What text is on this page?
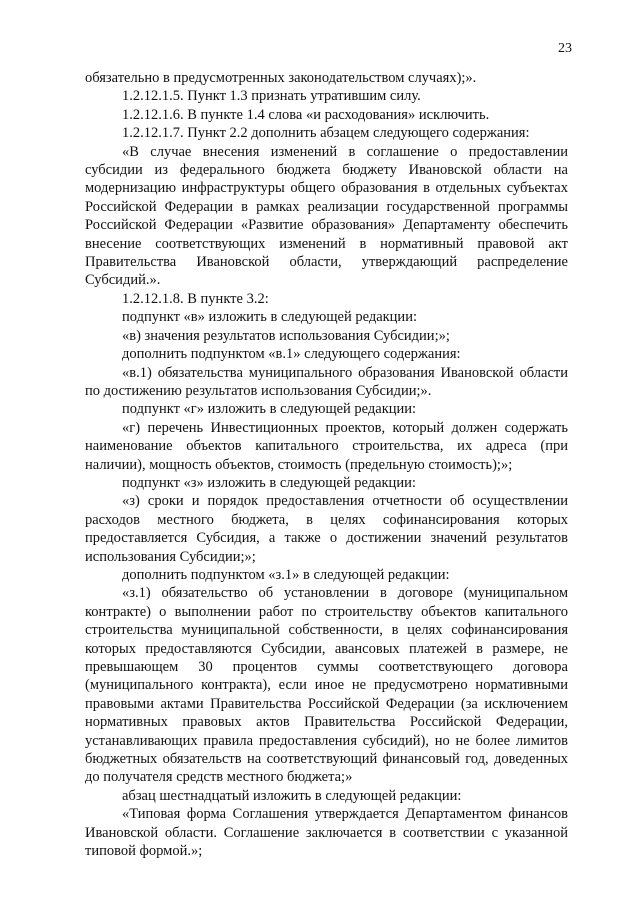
23

обязательно в предусмотренных законодательством случаях);».

1.2.12.1.5. Пункт 1.3 признать утратившим силу.

1.2.12.1.6. В пункте 1.4 слова «и расходования» исключить.

1.2.12.1.7. Пункт 2.2 дополнить абзацем следующего содержания:

«В случае внесения изменений в соглашение о предоставлении субсидии из федерального бюджета бюджету Ивановской области на модернизацию инфраструктуры общего образования в отдельных субъектах Российской Федерации в рамках реализации государственной программы Российской Федерации «Развитие образования» Департаменту обеспечить внесение соответствующих изменений в нормативный правовой акт Правительства Ивановской области, утверждающий распределение Субсидий.».

1.2.12.1.8. В пункте 3.2:

подпункт «в» изложить в следующей редакции:

«в) значения результатов использования Субсидии;»;

дополнить подпунктом «в.1» следующего содержания:

«в.1) обязательства муниципального образования Ивановской области по достижению результатов использования Субсидии;».

подпункт «г» изложить в следующей редакции:

«г) перечень Инвестиционных проектов, который должен содержать наименование объектов капитального строительства, их адреса (при наличии), мощность объектов, стоимость (предельную стоимость);»;

подпункт «з» изложить в следующей редакции:

«з) сроки и порядок предоставления отчетности об осуществлении расходов местного бюджета, в целях софинансирования которых предоставляется Субсидия, а также о достижении значений результатов использования Субсидии;»;

дополнить подпунктом «з.1» в следующей редакции:

«з.1) обязательство об установлении в договоре (муниципальном контракте) о выполнении работ по строительству объектов капитального строительства муниципальной собственности, в целях софинансирования которых предоставляются Субсидии, авансовых платежей в размере, не превышающем 30 процентов суммы соответствующего договора (муниципального контракта), если иное не предусмотрено нормативными правовыми актами Правительства Российской Федерации (за исключением нормативных правовых актов Правительства Российской Федерации, устанавливающих правила предоставления субсидий), но не более лимитов бюджетных обязательств на соответствующий финансовый год, доведенных до получателя средств местного бюджета;»

абзац шестнадцатый изложить в следующей редакции:

«Типовая форма Соглашения утверждается Департаментом финансов Ивановской области. Соглашение заключается в соответствии с указанной типовой формой.»;
